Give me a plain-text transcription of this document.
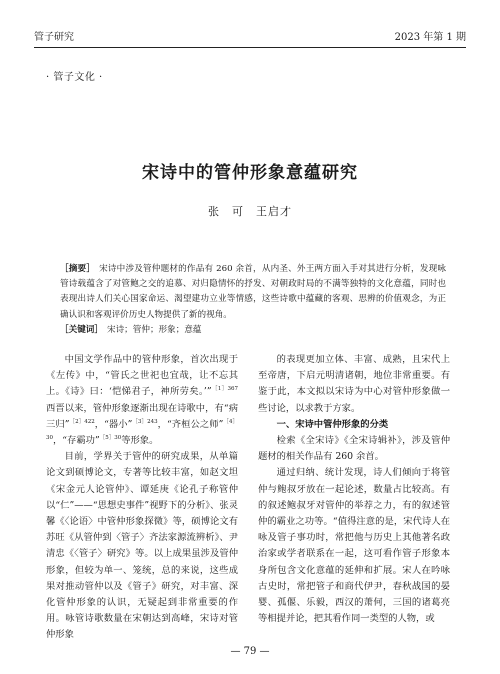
管子研究	2023 年第 1 期
· 管子文化 ·
宋诗中的管仲形象意蕴研究
张　可　王启才
［摘要］ 宋诗中涉及管仲题材的作品有 260 余首，从内圣、外王两方面入手对其进行分析，发现咏管诗载蕴含了对管鲍之交的追慕、对归隐情怀的抒发、对朝政时局的不满等独特的文化意蕴，同时也表现出诗人们关心国家命运、渴望建功立业等情感，这些诗歌中蕴藏的客观、思辨的价值观念，为正确认识和客观评价历史人物提供了新的视角。
［关键词］ 宋诗；管仲；形象；意蕴

中国文学作品中的管仲形象，首次出现于《左传》中，“管氏之世祀也宜哉，让不忘其上。《诗》曰：‘恺悌君子，神所劳矣。’”$^{[1]367}$西晋以来，管仲形象逐渐出现在诗歌中，有“病三归”$^{[2]422}$，“器小”$^{[3]243}$，“齐桓公之师”$^{[4]30}$，“存霸功”$^{[5]30}$等形象。

目前，学界关于管仲的研究成果，从单篇论文到硕博论文，专著等比较丰富，如赵文坦《宋金元人论管仲》、谭延庚《论孔子称管仲以“仁”——“思想史事件”视野下的分析》、张灵馨《〈论语〉中管仲形象探微》等，硕博论文有苏旺《从管仲到〈管子〉齐法家源流辨析》、尹清忠《〈管子〉研究》等。以上成果虽涉及管仲形象，但较为单一、笼统，总的来说，这些成果对推动管仲以及《管子》研究，对丰富、深化管仲形象的认识，无疑起到非常重要的作用。咏管诗歌数量在宋朝达到高峰，宋诗对管仲形象

的表现更加立体、丰富、成熟，且宋代上至帝唐，下启元明清诸朝，地位非常重要。有鉴于此，本文拟以宋诗为中心对管仲形象做一些讨论，以求教于方家。

一、宋诗中管仲形象的分类

检索《全宋诗》《全宋诗辑补》，涉及管仲题材的相关作品有 260 余首。

通过归纳、统计发现，诗人们倾向于将管仲与鲍叔牙放在一起论述，数量占比较高。有的叙述鲍叔牙对管仲的举荐之力，有的叙述管仲的霸业之功等。“值得注意的是，宋代诗人在咏及管子事功时，常把他与历史上其他著名政治家或学者联系在一起，这可看作管子形象本身所包含文化意蕴的延伸和扩展。宋人在吟咏古史时，常把管子和商代伊尹，春秋战国的晏婴、孤偃、乐毅，西汉的萧何，三国的诸葛亮等相提并论，把其看作同一类型的人物，或

— 79 —
